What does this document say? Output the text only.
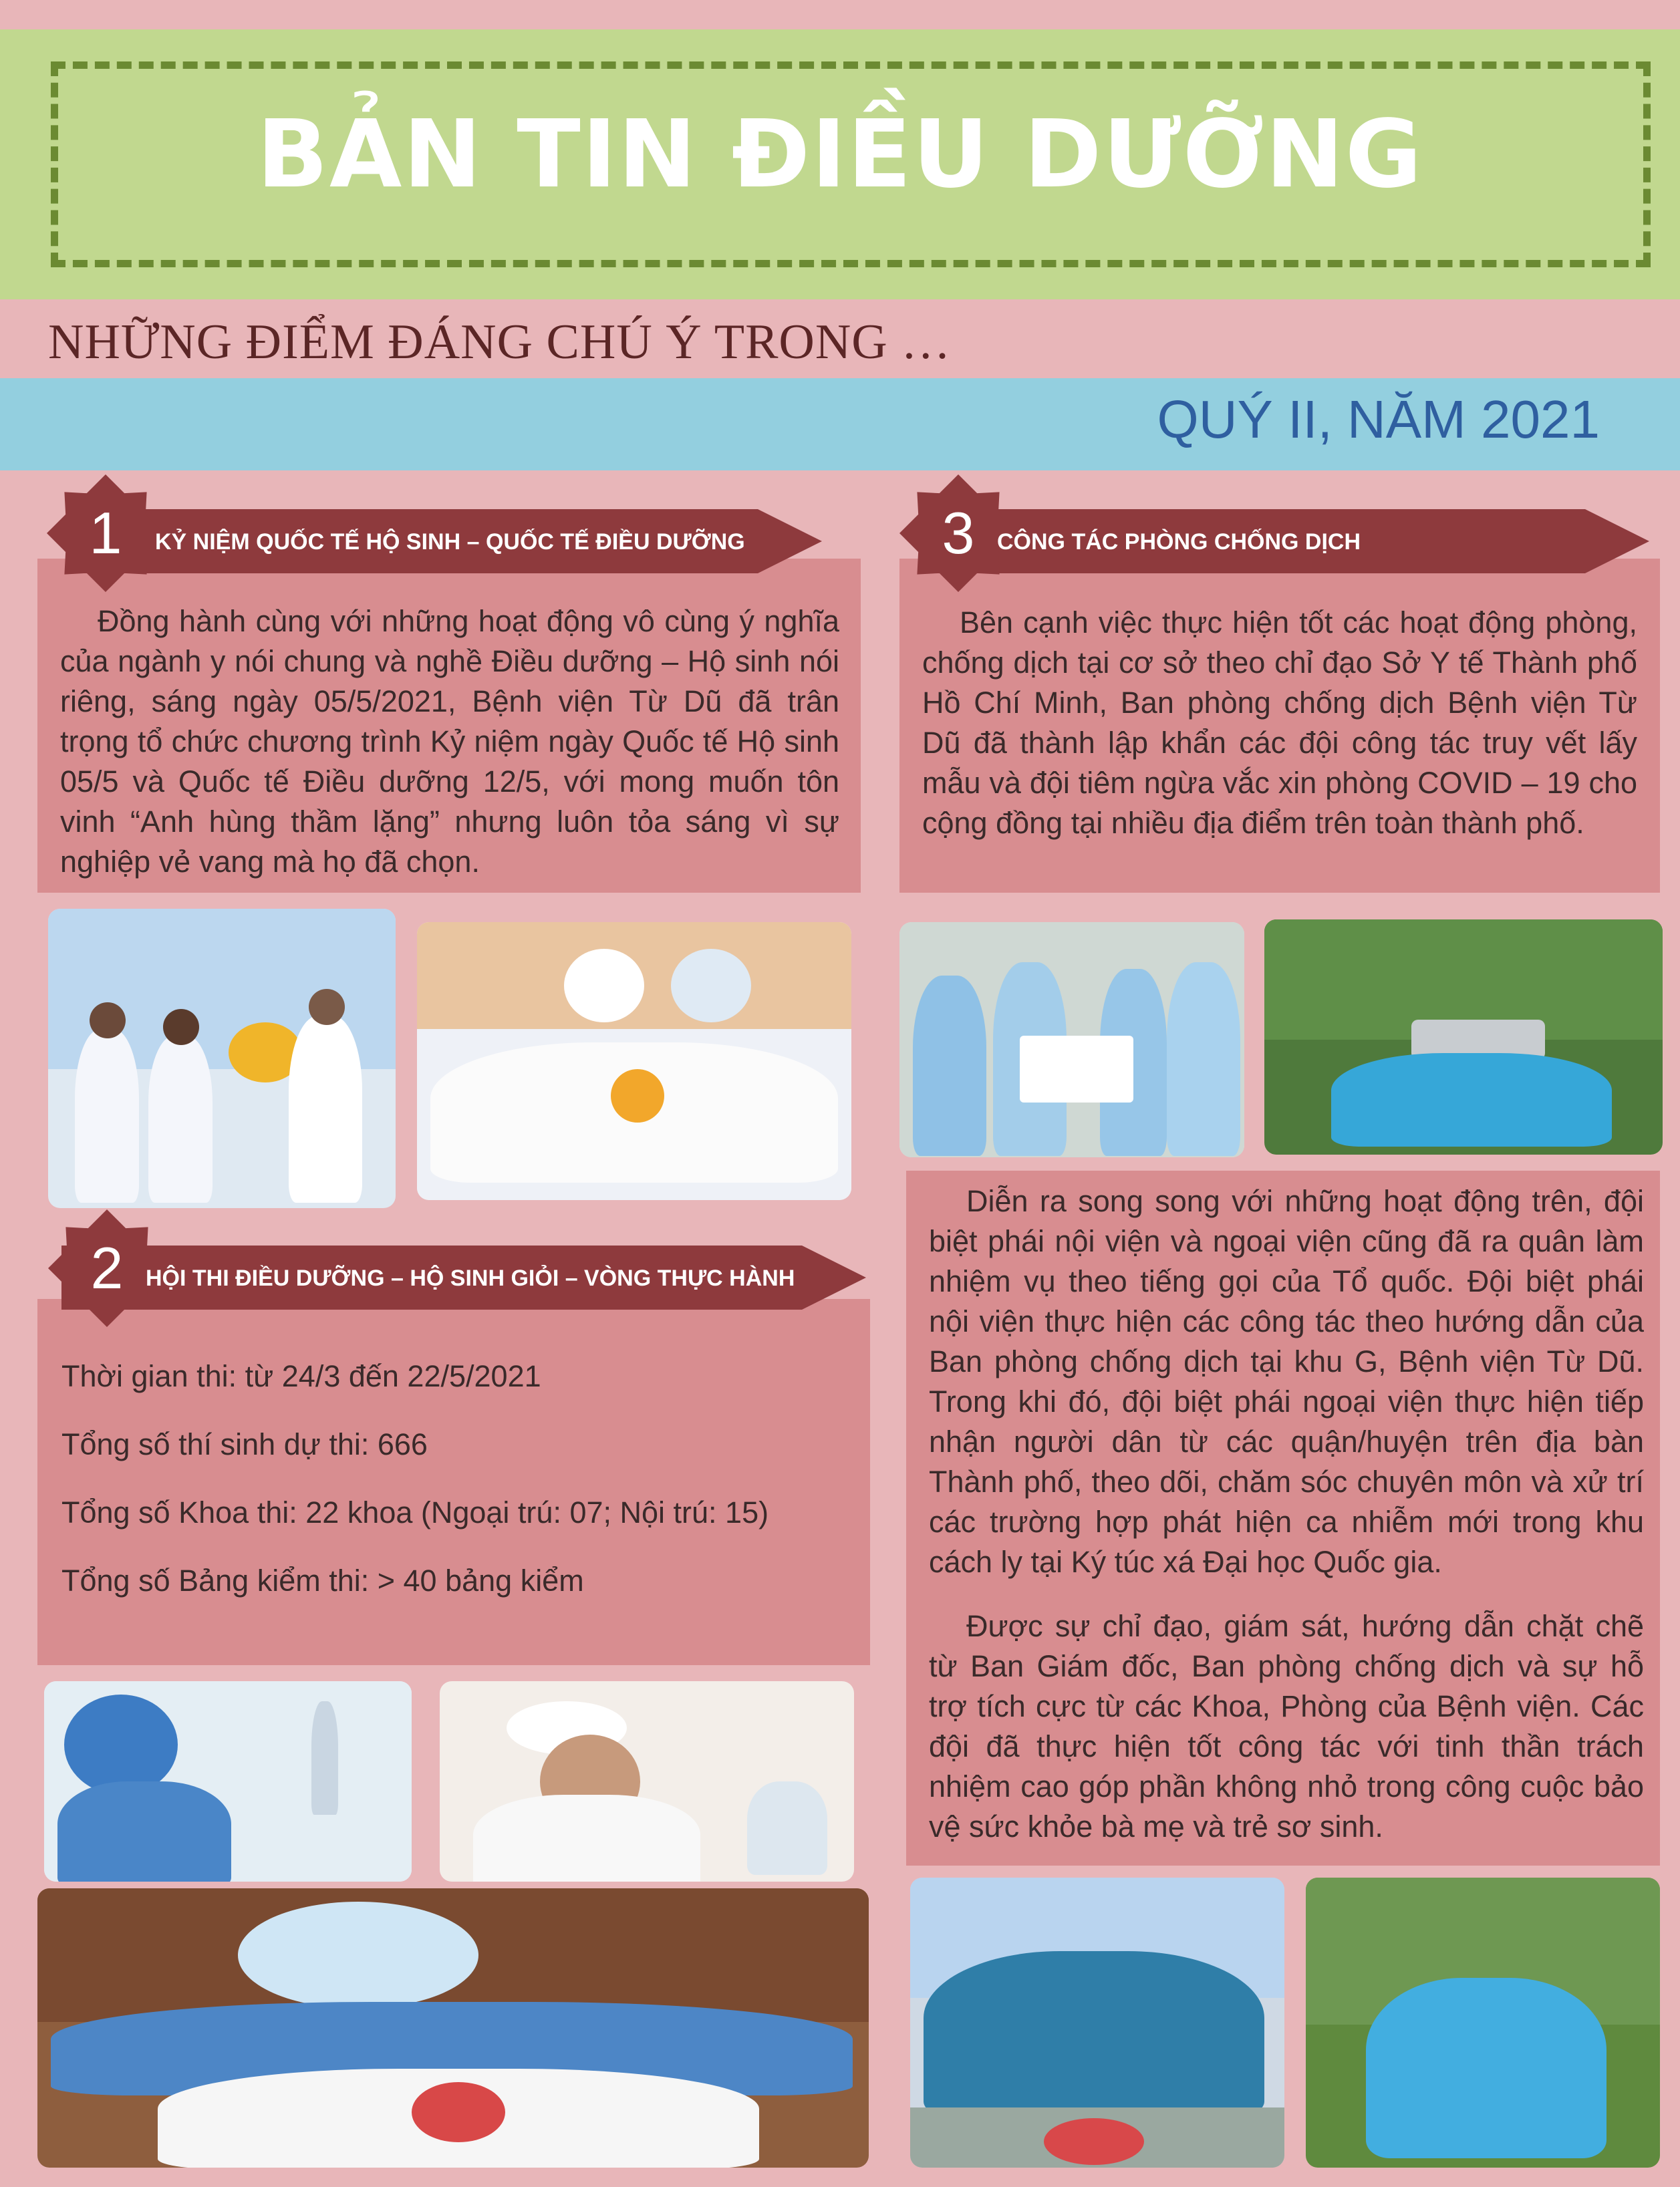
BẢN TIN ĐIỀU DƯỠNG
NHỮNG ĐIỂM ĐÁNG CHÚ Ý TRONG …
QUÝ II, NĂM 2021
1	KỶ NIỆM QUỐC TẾ HỘ SINH – QUỐC TẾ ĐIỀU DƯỠNG
Đồng hành cùng với những hoạt động vô cùng ý nghĩa của ngành y nói chung và nghề Điều dưỡng – Hộ sinh nói riêng, sáng ngày 05/5/2021, Bệnh viện Từ Dũ đã trân trọng tổ chức chương trình Kỷ niệm ngày Quốc tế Hộ sinh 05/5 và Quốc tế Điều dưỡng 12/5, với mong muốn tôn vinh “Anh hùng thầm lặng” nhưng luôn tỏa sáng vì sự nghiệp vẻ vang mà họ đã chọn.
2 HỘI THI ĐIỀU DƯỠNG – HỘ SINH GIỎI – VÒNG THỰC HÀNH
Thời gian thi: từ 24/3 đến 22/5/2021
Tổng số thí sinh dự thi: 666
Tổng số Khoa thi: 22 khoa (Ngoại trú: 07; Nội trú: 15)
Tổng số Bảng kiểm thi: > 40 bảng kiểm
3 CÔNG TÁC PHÒNG CHỐNG DỊCH
Bên cạnh việc thực hiện tốt các hoạt động phòng, chống dịch tại cơ sở theo chỉ đạo Sở Y tế Thành phố Hồ Chí Minh, Ban phòng chống dịch Bệnh viện Từ Dũ đã thành lập khẩn các đội công tác truy vết lấy mẫu và đội tiêm ngừa vắc xin phòng COVID – 19 cho cộng đồng tại nhiều địa điểm trên toàn thành phố.
Diễn ra song song với những hoạt động trên, đội biệt phái nội viện và ngoại viện cũng đã ra quân làm nhiệm vụ theo tiếng gọi của Tổ quốc. Đội biệt phái nội viện thực hiện các công tác theo hướng dẫn của Ban phòng chống dịch tại khu G, Bệnh viện Từ Dũ. Trong khi đó, đội biệt phái ngoại viện thực hiện tiếp nhận người dân từ các quận/huyện trên địa bàn Thành phố, theo dõi, chăm sóc chuyên môn và xử trí các trường hợp phát hiện ca nhiễm mới trong khu cách ly tại Ký túc xá Đại học Quốc gia.
Được sự chỉ đạo, giám sát, hướng dẫn chặt chẽ từ Ban Giám đốc, Ban phòng chống dịch và sự hỗ trợ tích cực từ các Khoa, Phòng của Bệnh viện. Các đội đã thực hiện tốt công tác với tinh thần trách nhiệm cao góp phần không nhỏ trong công cuộc bảo vệ sức khỏe bà mẹ và trẻ sơ sinh.
